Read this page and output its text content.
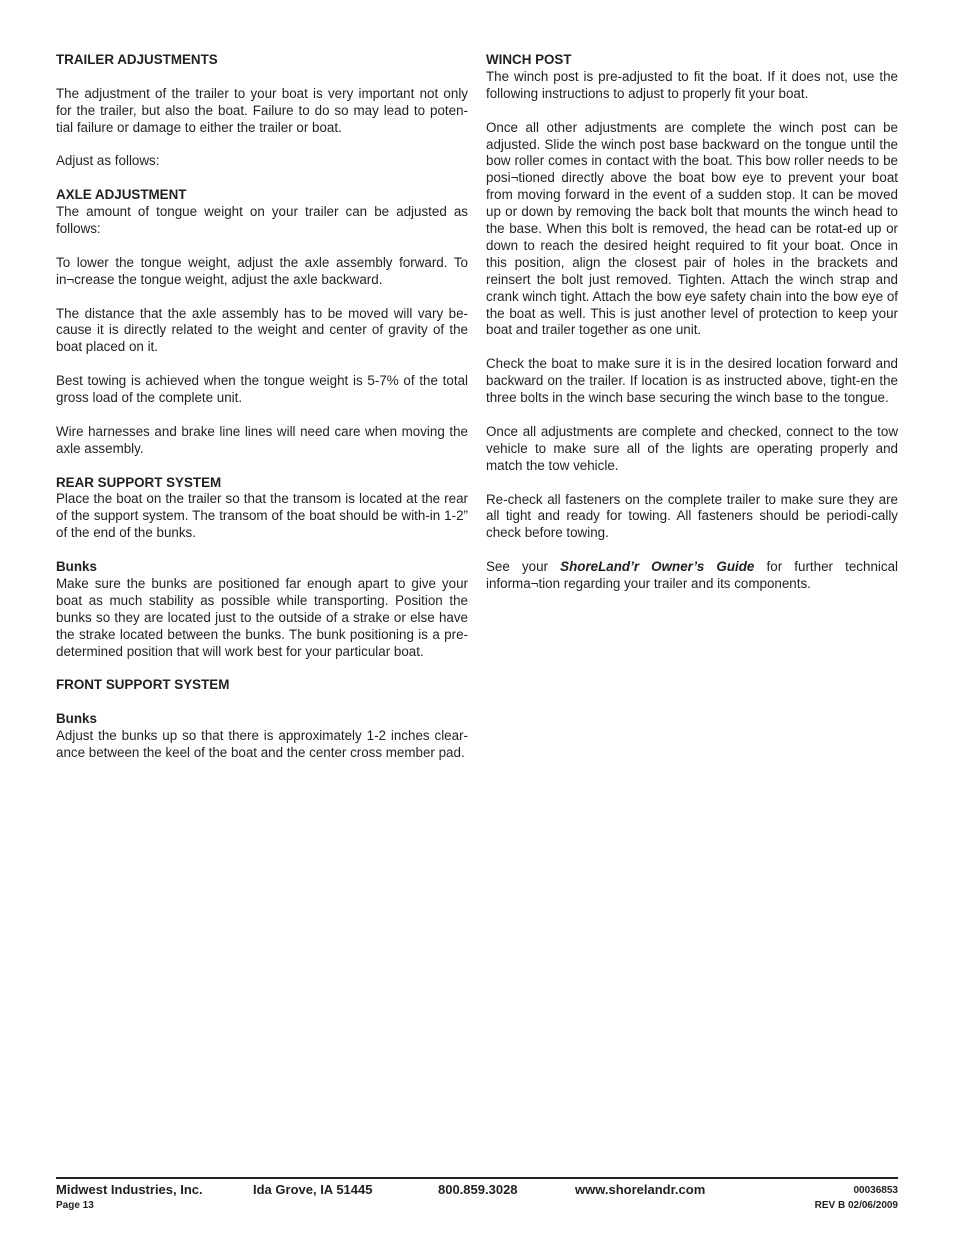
TRAILER ADJUSTMENTS

The adjustment of the trailer to your boat is very important not only for the trailer, but also the boat. Failure to do so may lead to poten-tial failure or damage to either the trailer or boat.

Adjust as follows:

AXLE ADJUSTMENT

The amount of tongue weight on your trailer can be adjusted as follows:

To lower the tongue weight, adjust the axle assembly forward. To in¬crease the tongue weight, adjust the axle backward.

The distance that the axle assembly has to be moved will vary be-cause it is directly related to the weight and center of gravity of the boat placed on it.

Best towing is achieved when the tongue weight is 5-7% of the total gross load of the complete unit.

Wire harnesses and brake line lines will need care when moving the axle assembly.

REAR SUPPORT SYSTEM

Place the boat on the trailer so that the transom is located at the rear of the support system. The transom of the boat should be with-in 1-2” of the end of the bunks.

Bunks

Make sure the bunks are positioned far enough apart to give your boat as much stability as possible while transporting. Position the bunks so they are located just to the outside of a strake or else have the strake located between the bunks. The bunk positioning is a pre-determined position that will work best for your particular boat.

FRONT SUPPORT SYSTEM
Bunks

Adjust the bunks up so that there is approximately 1-2 inches clear-ance between the keel of the boat and the center cross member pad.

WINCH POST

The winch post is pre-adjusted to fit the boat. If it does not, use the following instructions to adjust to properly fit your boat.

Once all other adjustments are complete the winch post can be adjusted. Slide the winch post base backward on the tongue until the bow roller comes in contact with the boat. This bow roller needs to be posi¬tioned directly above the boat bow eye to prevent your boat from moving forward in the event of a sudden stop. It can be moved up or down by removing the back bolt that mounts the winch head to the base. When this bolt is removed, the head can be rotat-ed up or down to reach the desired height required to fit your boat. Once in this position, align the closest pair of holes in the brackets and reinsert the bolt just removed. Tighten. Attach the winch strap and crank winch tight. Attach the bow eye safety chain into the bow eye of the boat as well. This is just another level of protection to keep your boat and trailer together as one unit.

Check the boat to make sure it is in the desired location forward and backward on the trailer. If location is as instructed above, tight-en the three bolts in the winch base securing the winch base to the tongue.

Once all adjustments are complete and checked, connect to the tow vehicle to make sure all of the lights are operating properly and match the tow vehicle.

Re-check all fasteners on the complete trailer to make sure they are all tight and ready for towing. All fasteners should be periodi-cally check before towing.

See your ShoreLand’r Owner’s Guide for further technical informa¬tion regarding your trailer and its components.

Midwest Industries, Inc.	Ida Grove, IA 51445	800.859.3028	www.shorelandr.com	00036853
Page 13	REV B 02/06/2009
